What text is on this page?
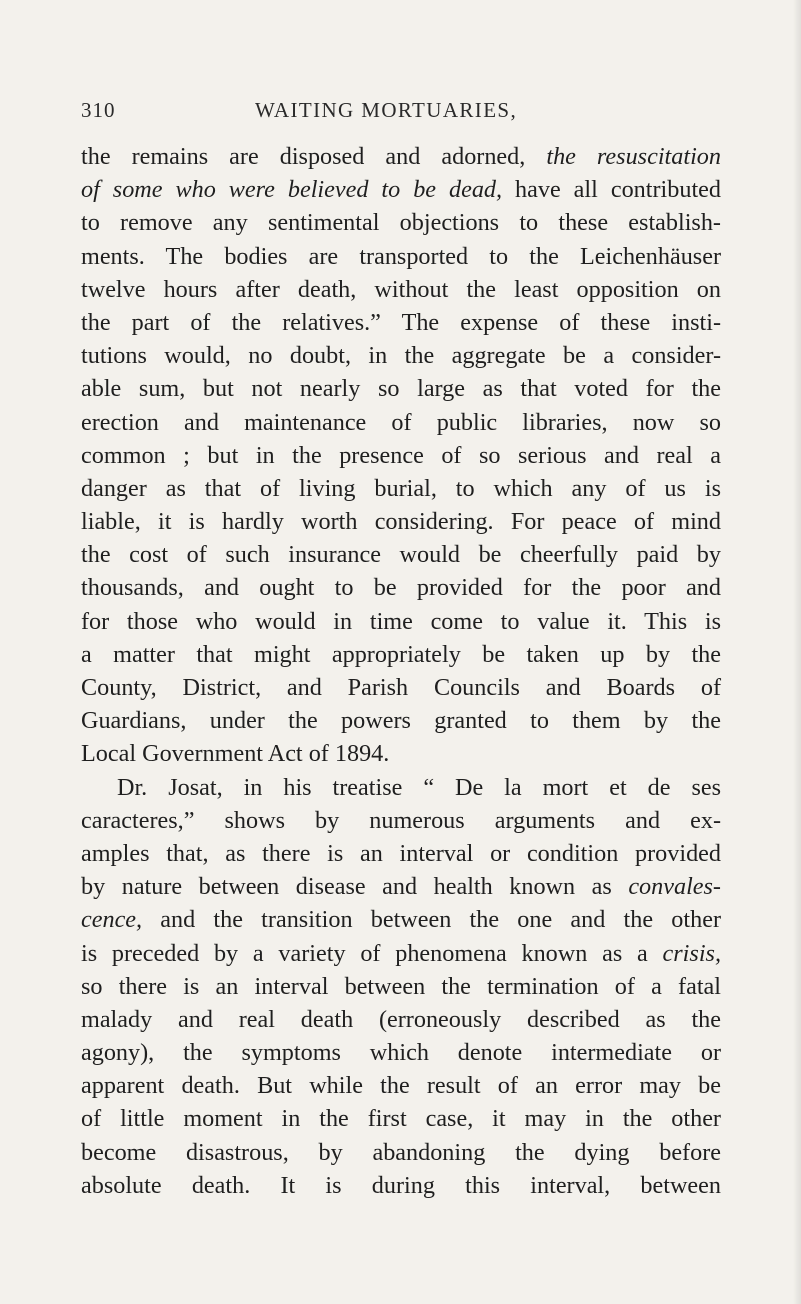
310	WAITING MORTUARIES,
the remains are disposed and adorned, the resuscitation
of some who were believed to be dead, have all contributed
to remove any sentimental objections to these establish-
ments. The bodies are transported to the Leichenhäuser
twelve hours after death, without the least opposition on
the part of the relatives.” The expense of these insti-
tutions would, no doubt, in the aggregate be a consider-
able sum, but not nearly so large as that voted for the
erection and maintenance of public libraries, now so
common ; but in the presence of so serious and real a
danger as that of living burial, to which any of us is
liable, it is hardly worth considering. For peace of mind
the cost of such insurance would be cheerfully paid by
thousands, and ought to be provided for the poor and
for those who would in time come to value it. This is
a matter that might appropriately be taken up by the
County, District, and Parish Councils and Boards of
Guardians, under the powers granted to them by the
Local Government Act of 1894.
Dr. Josat, in his treatise “ De la mort et de ses
caracteres,” shows by numerous arguments and ex-
amples that, as there is an interval or condition provided
by nature between disease and health known as convales-
cence, and the transition between the one and the other
is preceded by a variety of phenomena known as a crisis,
so there is an interval between the termination of a fatal
malady and real death (erroneously described as the
agony), the symptoms which denote intermediate or
apparent death. But while the result of an error may be
of little moment in the first case, it may in the other
become disastrous, by abandoning the dying before
absolute death. It is during this interval, between
